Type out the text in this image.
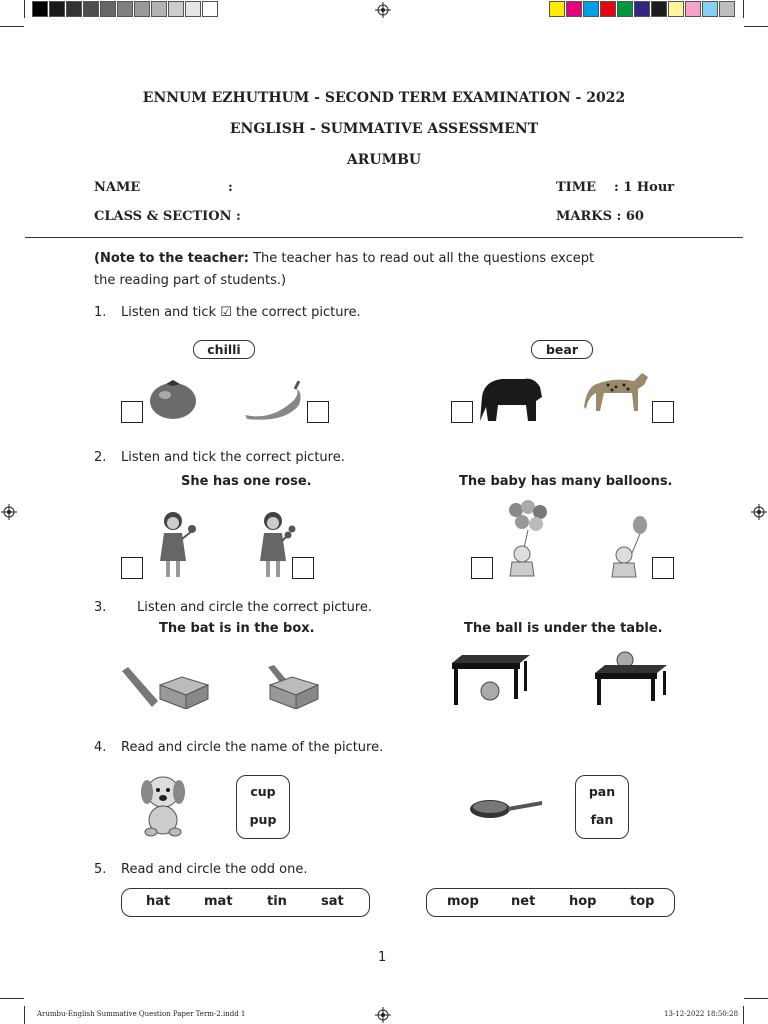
ENNUM EZHUTHUM - SECOND TERM EXAMINATION - 2022
ENGLISH - SUMMATIVE ASSESSMENT
ARUMBU
NAME	:
CLASS & SECTION :
TIME : 1 Hour
MARKS : 60
(Note to the teacher: The teacher has to read out all the questions except
the reading part of students.)
1. Listen and tick ☑ the correct picture.
chilli	bear
2. Listen and tick the correct picture.
She has one rose.	The baby has many balloons.
3. Listen and circle the correct picture.
The bat is in the box.	The ball is under the table.
4. Read and circle the name of the picture.
cup
pup
pan
fan
5. Read and circle the odd one.
hat	mat	tin	sat	mop net	hop	top
1
Arumbu-English Summative Question Paper Term-2.indd 1	13-12-2022 18:50:28
